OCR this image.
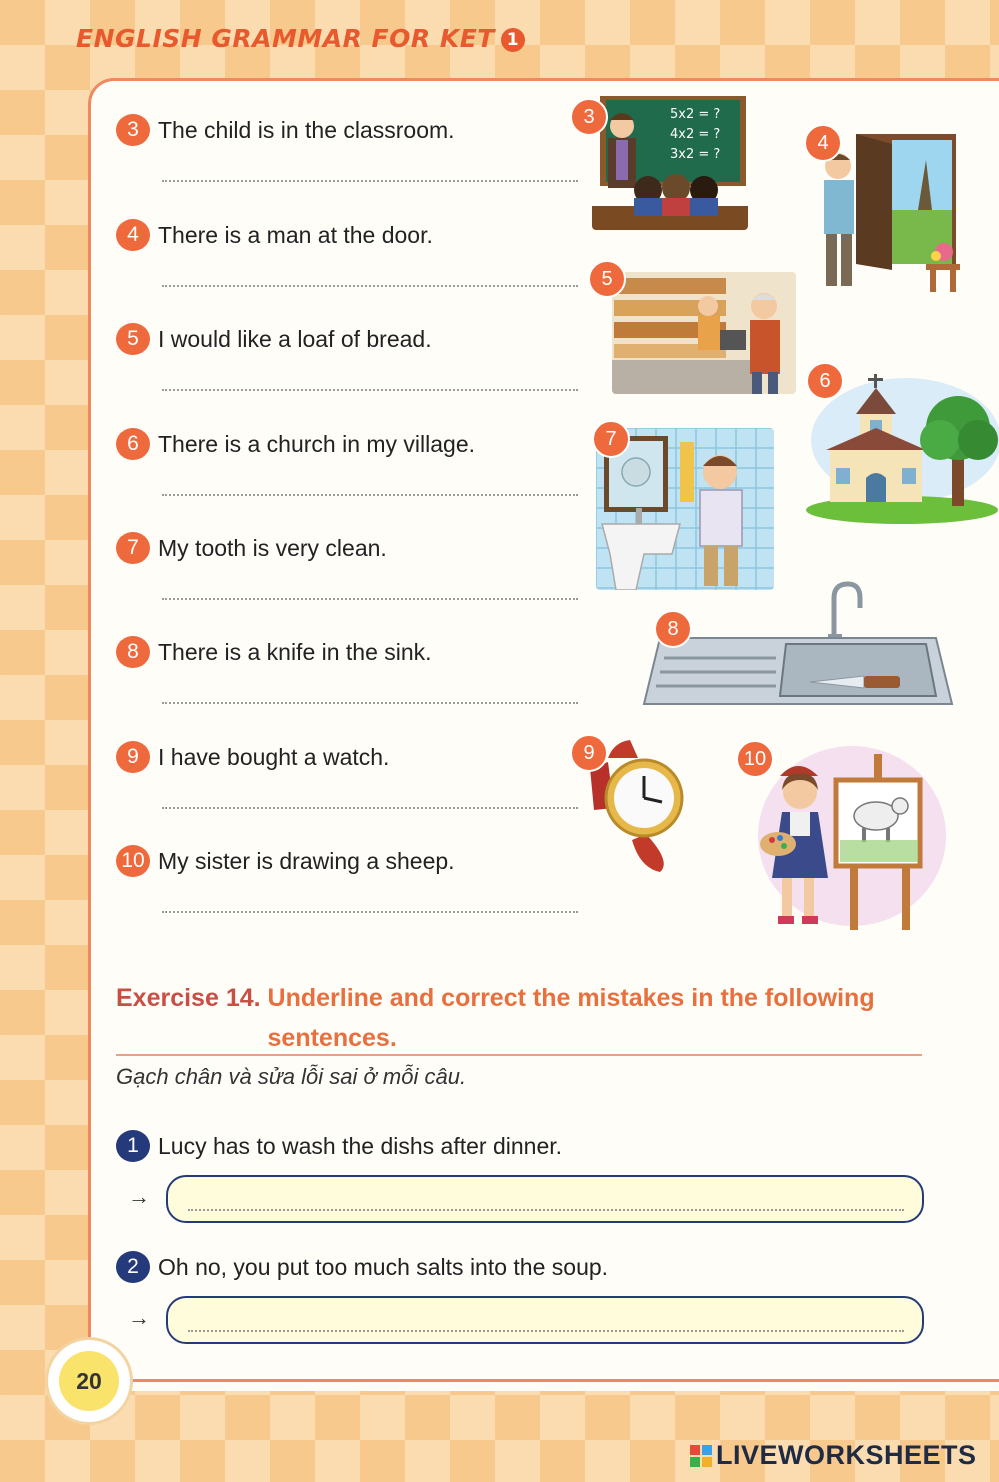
ENGLISH GRAMMAR FOR KET 1
3 The child is in the classroom.
4 There is a man at the door.
5 I would like a loaf of bread.
6 There is a church in my village.
7 My tooth is very clean.
8 There is a knife in the sink.
9 I have bought a watch.
10 My sister is drawing a sheep.
3	5x2 = ?
4x2 = ?
3x2 = ?
4
5
6
7
8
9	10
Exercise 14. Underline and correct the mistakes in the following sentences.
Gạch chân và sửa lỗi sai ở mỗi câu.
1 Lucy has to wash the dishs after dinner.
→
2 Oh no, you put too much salts into the soup.
→
20
LIVEWORKSHEETS
